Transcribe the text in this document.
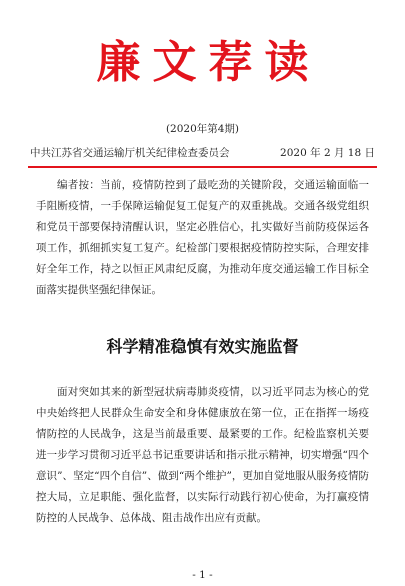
廉文荐读
(2020年第4期)
中共江苏省交通运输厅机关纪律检查委员会	2020 年 2 月 18 日

编者按：当前，疫情防控到了最吃劲的关键阶段，交通运输面临一手阻断疫情，一手保障运输促复工促复产的双重挑战。交通各级党组织和党员干部要保持清醒认识，坚定必胜信心，扎实做好当前防疫保运各项工作，抓细抓实复工复产。纪检部门要根据疫情防控实际，合理安排好全年工作，持之以恒正风肃纪反腐，为推动年度交通运输工作目标全面落实提供坚强纪律保证。

科学精准稳慎有效实施监督

面对突如其来的新型冠状病毒肺炎疫情，以习近平同志为核心的党中央始终把人民群众生命安全和身体健康放在第一位，正在指挥一场疫情防控的人民战争，这是当前最重要、最紧要的工作。纪检监察机关要进一步学习贯彻习近平总书记重要讲话和指示批示精神，切实增强“四个意识”、坚定“四个自信”、做到“两个维护”，更加自觉地服从服务疫情防控大局，立足职能、强化监督，以实际行动践行初心使命，为打赢疫情防控的人民战争、总体战、阻击战作出应有贡献。

- 1 -
